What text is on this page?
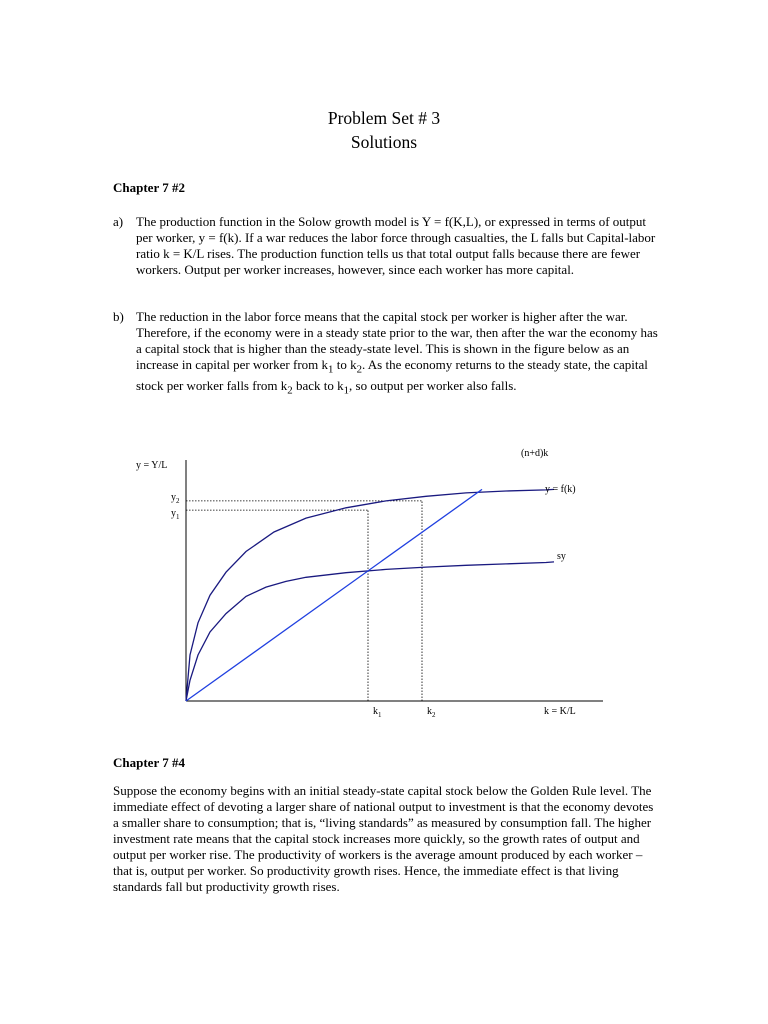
Problem Set # 3
Solutions
Chapter 7 #2
a) The production function in the Solow growth model is Y = f(K,L), or expressed in terms of output per worker, y = f(k). If a war reduces the labor force through casualties, the L falls but Capital-labor ratio k = K/L rises. The production function tells us that total output falls because there are fewer workers. Output per worker increases, however, since each worker has more capital.
b) The reduction in the labor force means that the capital stock per worker is higher after the war. Therefore, if the economy were in a steady state prior to the war, then after the war the economy has a capital stock that is higher than the steady-state level. This is shown in the figure below as an increase in capital per worker from $k_1$ to $k_2$. As the economy returns to the steady state, the capital stock per worker falls from $k_2$ back to $k_1$, so output per worker also falls.
y = Y/L
k = K/L
y = f(k)
sy
(n+d)k
$y_2$
$y_1$
$k_1$	$k_2$
Chapter 7 #4
Suppose the economy begins with an initial steady-state capital stock below the Golden Rule level. The immediate effect of devoting a larger share of national output to investment is that the economy devotes a smaller share to consumption; that is, “living standards” as measured by consumption fall. The higher investment rate means that the capital stock increases more quickly, so the growth rates of output and output per worker rise. The productivity of workers is the average amount produced by each worker – that is, output per worker. So productivity growth rises. Hence, the immediate effect is that living standards fall but productivity growth rises.
